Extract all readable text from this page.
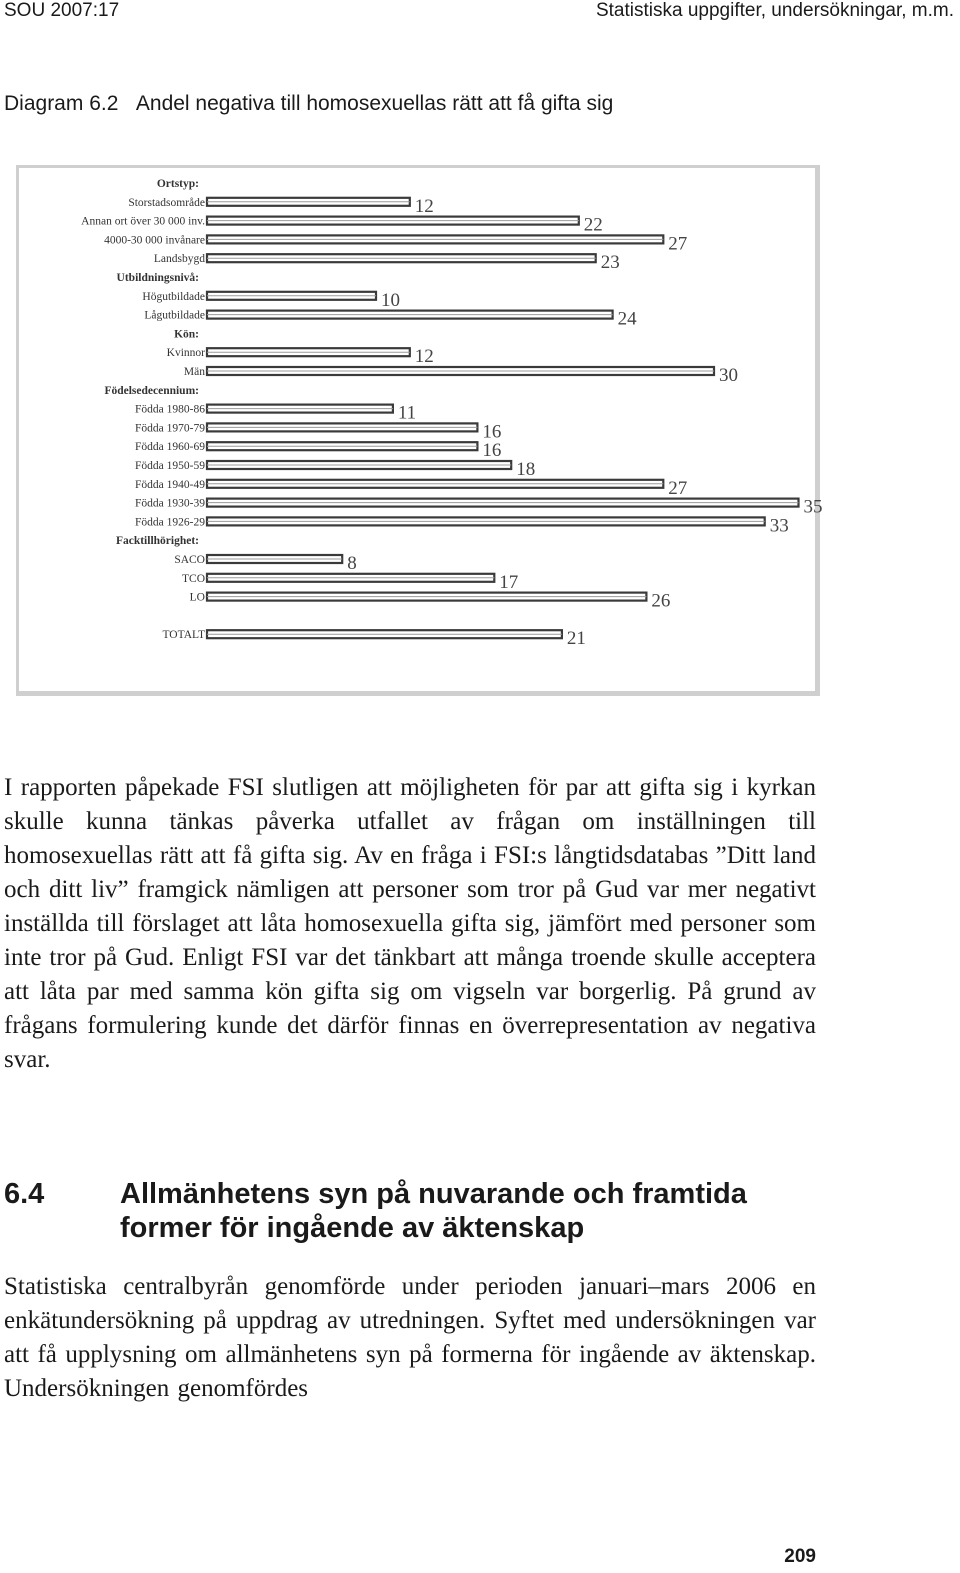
SOU 2007:17	Statistiska uppgifter, undersökningar, m.m.
Diagram 6.2   Andel negativa till homosexuellas rätt att få gifta sig
Ortstyp:
Storstadsområde	12
Annan ort över 30 000 inv.	22
4000-30 000 invånare	27
Landsbygd	23
Utbildningsnivå:
Högutbildade	10
Lågutbildade	24
Kön:
Kvinnor	12
Män	30
Födelsedecennium:
Födda 1980-86	11
Födda 1970-79	16
Födda 1960-69	16
Födda 1950-59	18
Födda 1940-49	27
Födda 1930-39	35
Födda 1926-29	33
Facktillhörighet:
SACO	8
TCO	17
LO	26
TOTALT	21

I rapporten påpekade FSI slutligen att möjligheten för par att gifta sig i kyrkan skulle kunna tänkas påverka utfallet av frågan om inställningen till homosexuellas rätt att få gifta sig. Av en fråga i FSI:s långtidsdatabas ”Ditt land och ditt liv” framgick nämligen att personer som tror på Gud var mer negativt inställda till förslaget att låta homosexuella gifta sig, jämfört med personer som inte tror på Gud. Enligt FSI var det tänkbart att många troende skulle acceptera att låta par med samma kön gifta sig om vigseln var borgerlig. På grund av frågans formulering kunde det därför finnas en överrepresentation av negativa svar.

6.4	Allmänhetens syn på nuvarande och framtida former för ingående av äktenskap

Statistiska centralbyrån genomförde under perioden januari–mars 2006 en enkätundersökning på uppdrag av utredningen. Syftet med undersökningen var att få upplysning om allmänhetens syn på formerna för ingående av äktenskap. Undersökningen genomfördes

209
